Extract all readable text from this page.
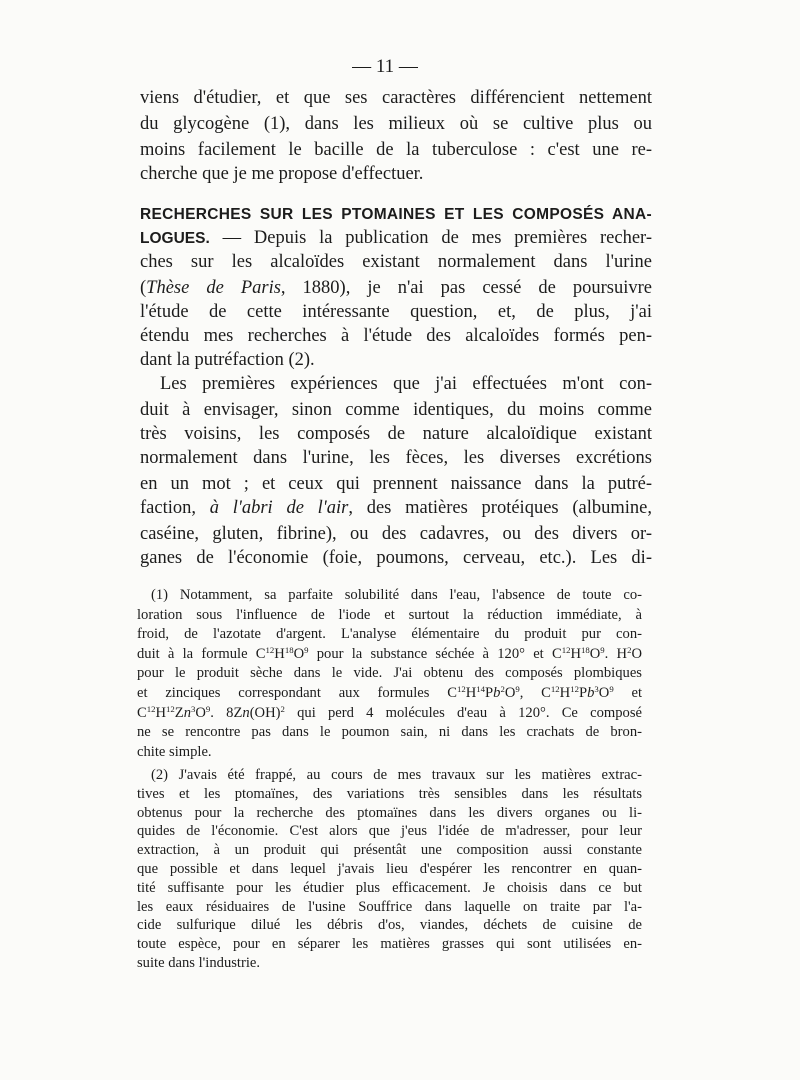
— 11 —
viens d'étudier, et que ses caractères différencient nettement
du glycogène (1), dans les milieux où se cultive plus ou
moins facilement le bacille de la tuberculose : c'est une re-
cherche que je me propose d'effectuer.
RECHERCHES SUR LES PTOMAINES ET LES COMPOSÉS ANA-
LOGUES. — Depuis la publication de mes premières recher-
ches sur les alcaloïdes existant normalement dans l'urine
(Thèse de Paris, 1880), je n'ai pas cessé de poursuivre
l'étude de cette intéressante question, et, de plus, j'ai
étendu mes recherches à l'étude des alcaloïdes formés pen-
dant la putréfaction (2).
Les premières expériences que j'ai effectuées m'ont con-
duit à envisager, sinon comme identiques, du moins comme
très voisins, les composés de nature alcaloïdique existant
normalement dans l'urine, les fèces, les diverses excrétions
en un mot ; et ceux qui prennent naissance dans la putré-
faction, à l'abri de l'air, des matières protéiques (albumine,
caséine, gluten, fibrine), ou des cadavres, ou des divers or-
ganes de l'économie (foie, poumons, cerveau, etc.). Les di-
(1) Notamment, sa parfaite solubilité dans l'eau, l'absence de toute co-
loration sous l'influence de l'iode et surtout la réduction immédiate, à
froid, de l'azotate d'argent. L'analyse élémentaire du produit pur con-
duit à la formule $C^{12}H^{18}O^9$ pour la substance séchée à 120° et $C^{12}H^{18}O^9$. $H^2O$
pour le produit sèche dans le vide. J'ai obtenu des composés plombiques
et zinciques correspondant aux formules $C^{12}H^{14}Pb^2O^9$, $C^{12}H^{12}Pb^3O^9$ et
$C^{12}H^{12}Zn^3O^9$. 8Zn(OH)$^2$ qui perd 4 molécules d'eau à 120°. Ce composé
ne se rencontre pas dans le poumon sain, ni dans les crachats de bron-
chite simple.
(2) J'avais été frappé, au cours de mes travaux sur les matières extrac-
tives et les ptomaïnes, des variations très sensibles dans les résultats
obtenus pour la recherche des ptomaïnes dans les divers organes ou li-
quides de l'économie. C'est alors que j'eus l'idée de m'adresser, pour leur
extraction, à un produit qui présentât une composition aussi constante
que possible et dans lequel j'avais lieu d'espérer les rencontrer en quan-
tité suffisante pour les étudier plus efficacement. Je choisis dans ce but
les eaux résiduaires de l'usine Souffrice dans laquelle on traite par l'a-
cide sulfurique dilué les débris d'os, viandes, déchets de cuisine de
toute espèce, pour en séparer les matières grasses qui sont utilisées en-
suite dans l'industrie.
